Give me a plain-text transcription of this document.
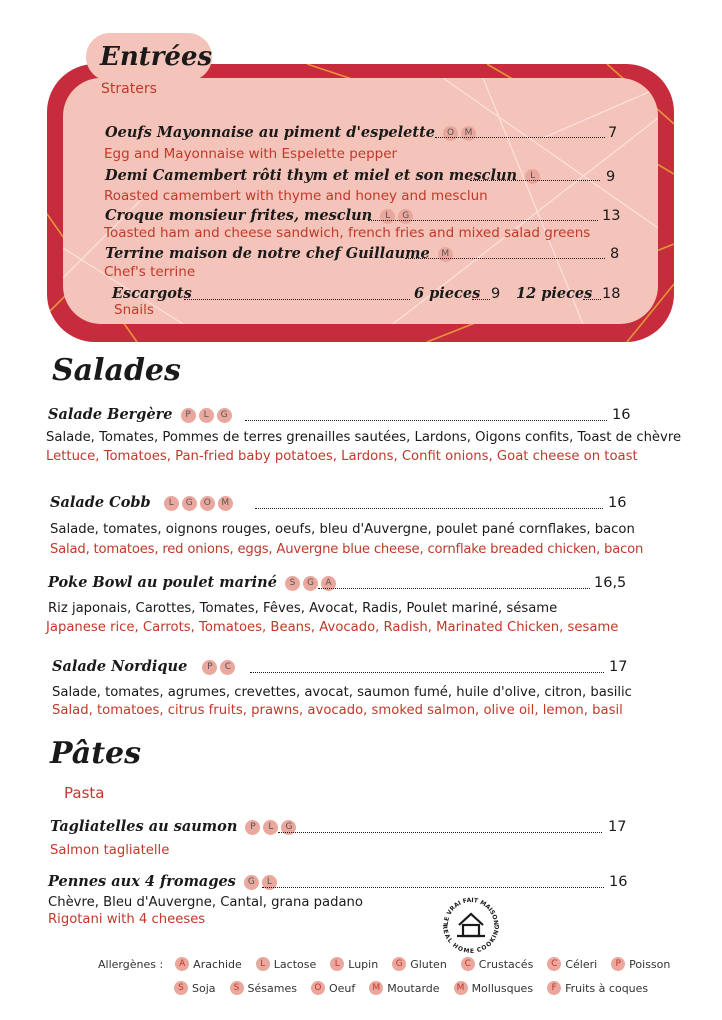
Entrées
Straters
Oeufs Mayonnaise au piment d'espelette O M	7
Egg and Mayonnaise with Espelette pepper
Demi Camembert rôti thym et miel et son mesclun L	9
Roasted camembert with thyme and honey and mesclun
Croque monsieur frites, mesclun L G	13
Toasted ham and cheese sandwich, french fries and mixed salad greens
Terrine maison de notre chef Guillaume M	8
Chef's terrine
Escargots	6 pieces 9 12 pieces 18
Snails
Salades
Salade Bergère P L G	16
Salade, Tomates, Pommes de terres grenailles sautées, Lardons, Oigons confits, Toast de chèvre
Lettuce, Tomatoes, Pan-fried baby potatoes, Lardons, Confit onions, Goat cheese on toast
Salade Cobb L G O M	16
Salade, tomates, oignons rouges, oeufs, bleu d'Auvergne, poulet pané cornflakes, bacon
Salad, tomatoes, red onions, eggs, Auvergne blue cheese, cornflake breaded chicken, bacon
Poke Bowl au poulet mariné S G A	16,5
Riz japonais, Carottes, Tomates, Fêves, Avocat, Radis, Poulet mariné, sésame
Japanese rice, Carrots, Tomatoes, Beans, Avocado, Radish, Marinated Chicken, sesame
Salade Nordique P C	17
Salade, tomates, agrumes, crevettes, avocat, saumon fumé, huile d'olive, citron, basilic
Salad, tomatoes, citrus fruits, prawns, avocado, smoked salmon, olive oil, lemon, basil
Pâtes
Pasta
Tagliatelles au saumon P L G	17
Salmon tagliatelle
Pennes aux 4 fromages G L	16
Chèvre, Bleu d'Auvergne, Cantal, grana padano
Rigotani with 4 cheeses	LE VRAI FAIT MAISON
REAL HOME COOKING
Allergènes :	A Arachide	L Lactose	L Lupin	G Gluten	C Crustacés	C Céleri	P Poisson
S Soja	S Sésames	O Oeuf	M Moutarde	M Mollusques	F Fruits à coques
